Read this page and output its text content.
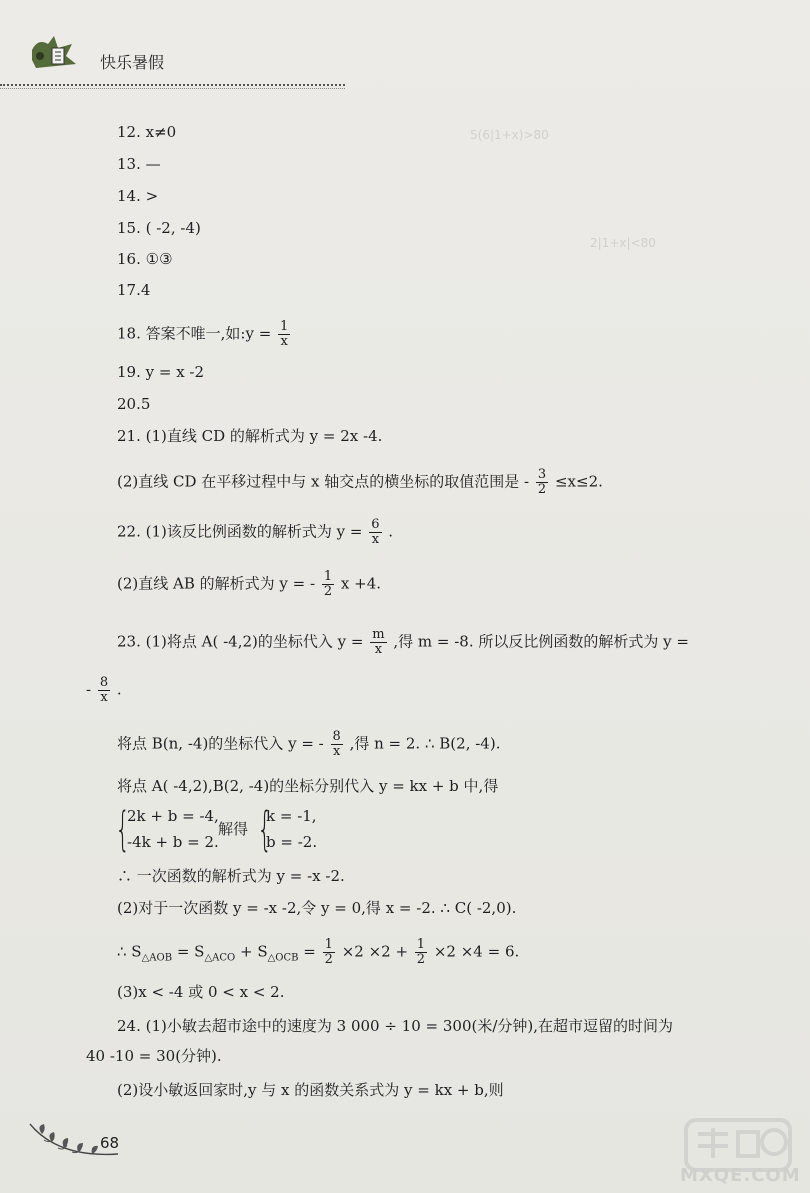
快乐暑假
5(6|1+x)>80
2|1+x|<80
12. x≠0
13. —
14. >
15. ( -2, -4)
16. ①③
17.4
18. 答案不唯一,如:y = $\frac{1}{x}$
19. y = x -2
20.5
21. (1)直线 CD 的解析式为 y = 2x -4.
(2)直线 CD 在平移过程中与 x 轴交点的横坐标的取值范围是 - $\frac{3}{2} \le x\le 2$.
22. (1)该反比例函数的解析式为 $y = \frac{6}{x}$ .
(2)直线 AB 的解析式为 y = - $\frac{1}{2}$ x +4.
23. (1)将点 A( -4,2)的坐标代入 $y = \frac{m}{x}$ ,得 m = -8. 所以反比例函数的解析式为 y =
- $\frac{8}{x}$ .
将点 B(n, -4)的坐标代入 y = - $\frac{8}{x}$ ,得 n = 2. ∴ B(2, -4).
将点 A( -4,2),B(2, -4)的坐标分别代入 y = kx + b 中,得
{
2k + b = -4,
-4k + b = 2.
解得 {
k = -1,
b = -2.
∴ 一次函数的解析式为 y = -x -2.
(2)对于一次函数 y = -x -2,令 y = 0,得 x = -2. ∴ C( -2,0).
∴ $S_{\triangle AOB} = S_{\triangle ACO} + S_{\triangle OCB} = \frac{1}{2} \times 2 \times 2 + \frac{1}{2} \times 2 \times 4 = 6$.
(3)x < -4 或 0 < x < 2.
24. (1)小敏去超市途中的速度为 3 000 ÷ 10 = 300(米/分钟),在超市逗留的时间为
40 -10 = 30(分钟).
(2)设小敏返回家时,y 与 x 的函数关系式为 y = kx + b,则
68
MXQE.COM
